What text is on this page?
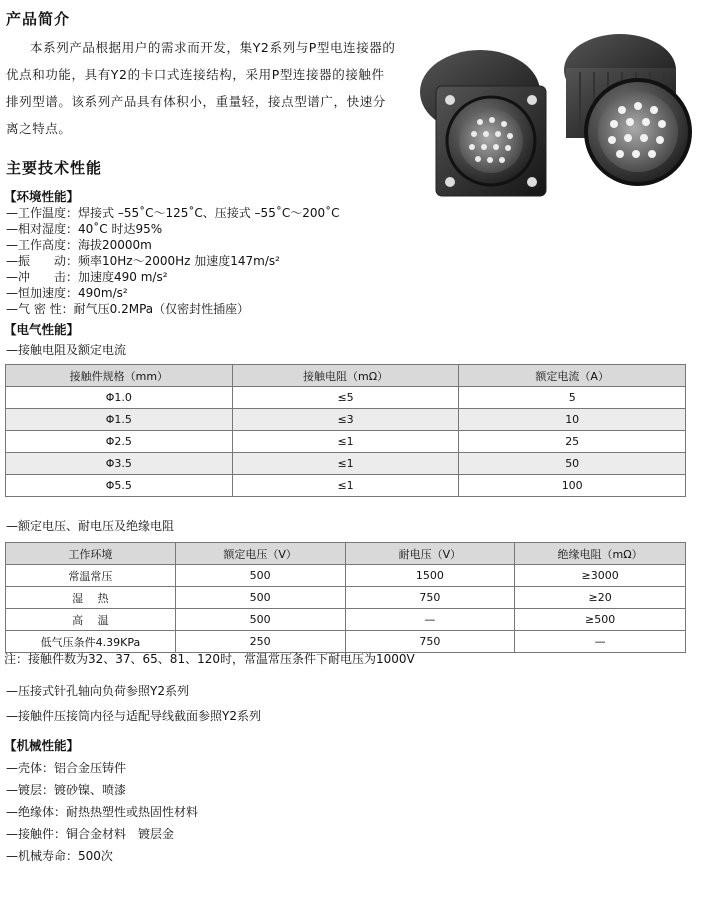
产品简介
本系列产品根据用户的需求而开发，集Y2系列与P型电连接器的
优点和功能，具有Y2的卡口式连接结构，采用P型连接器的接触件
排列型谱。该系列产品具有体积小，重量轻，接点型谱广，快速分
离之特点。
主要技术性能
【环境性能】
—工作温度：焊接式 –55˚C～125˚C、压接式 –55˚C～200˚C
—相对湿度：40˚C 时达95%
—工作高度：海拔20000m
—振　　动：频率10Hz～2000Hz 加速度147m/s²
—冲　　击：加速度490 m/s²
—恒加速度：490m/s²
—气 密 性：耐气压0.2MPa（仅密封性插座）
【电气性能】
—接触电阻及额定电流
接触件规格（mm）	接触电阻（mΩ）	额定电流（A）
Φ1.0	≤5	5
Φ1.5	≤3	10
Φ2.5	≤1	25
Φ3.5	≤1	50
Φ5.5	≤1	100
—额定电压、耐电压及绝缘电阻
工作环境	额定电压（V）	耐电压（V）	绝缘电阻（mΩ）
常温常压	500	1500	≥3000
湿　 热	500	750	≥20
高　 温	500	—	≥500
低气压条件4.39KPa	250	750	—
注：接触件数为32、37、65、81、120时，常温常压条件下耐电压为1000V
—压接式针孔轴向负荷参照Y2系列
—接触件压接筒内径与适配导线截面参照Y2系列
【机械性能】
—壳体：铝合金压铸件
—镀层：镀砂镍、喷漆
—绝缘体：耐热热塑性或热固性材料
—接触件：铜合金材料　镀层金
—机械寿命：500次
